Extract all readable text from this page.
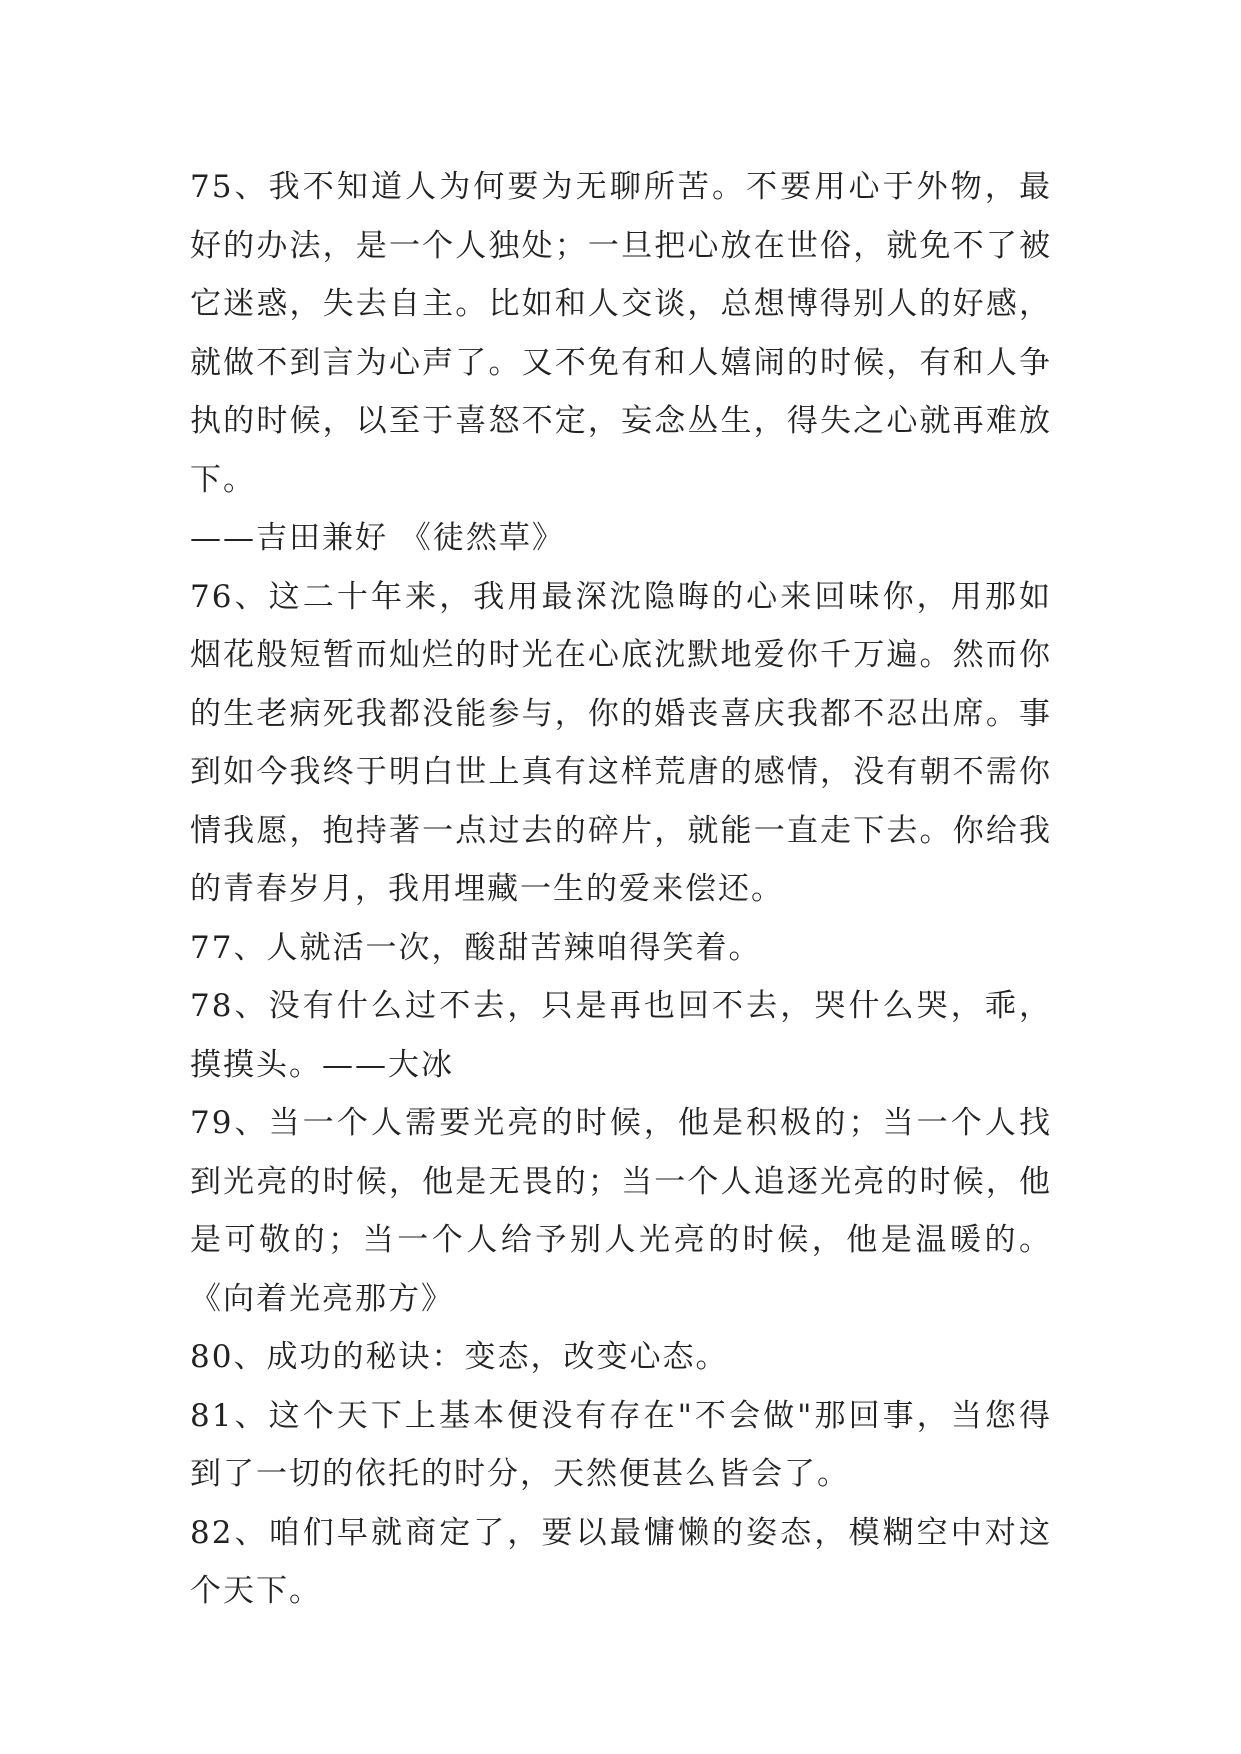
75、我不知道人为何要为无聊所苦。不要用心于外物，最好的办法，是一个人独处；一旦把心放在世俗，就免不了被它迷惑，失去自主。比如和人交谈，总想博得别人的好感，就做不到言为心声了。又不免有和人嬉闹的时候，有和人争执的时候，以至于喜怒不定，妄念丛生，得失之心就再难放下。

——吉田兼好 《徒然草》

76、这二十年来，我用最深沈隐晦的心来回味你，用那如烟花般短暂而灿烂的时光在心底沈默地爱你千万遍。然而你的生老病死我都没能参与，你的婚丧喜庆我都不忍出席。事到如今我终于明白世上真有这样荒唐的感情，没有朝不需你情我愿，抱持著一点过去的碎片，就能一直走下去。你给我的青春岁月，我用埋藏一生的爱来偿还。

77、人就活一次，酸甜苦辣咱得笑着。

78、没有什么过不去，只是再也回不去，哭什么哭，乖，摸摸头。——大冰

79、当一个人需要光亮的时候，他是积极的；当一个人找到光亮的时候，他是无畏的；当一个人追逐光亮的时候，他是可敬的；当一个人给予别人光亮的时候，他是温暖的。《向着光亮那方》

80、成功的秘诀：变态，改变心态。

81、这个天下上基本便没有存在"不会做"那回事，当您得到了一切的依托的时分，天然便甚么皆会了。

82、咱们早就商定了，要以最慵懒的姿态，模糊空中对这个天下。
